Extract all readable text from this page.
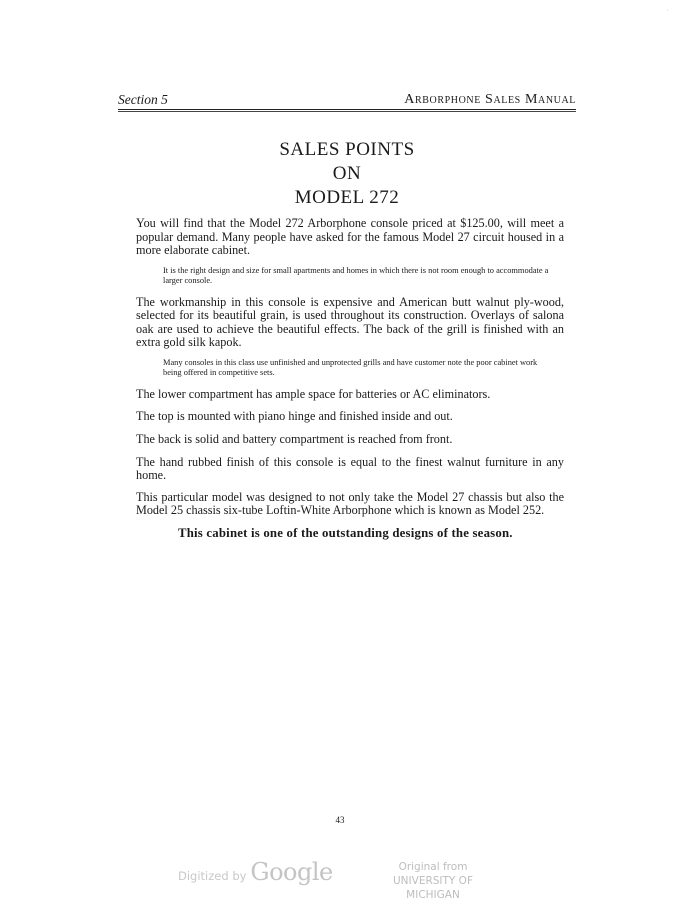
'
Section 5	Arborphone Sales Manual
SALES POINTS
ON
MODEL 272

You will find that the Model 272 Arborphone console priced at $125.00, will meet a popular demand. Many people have asked for the famous Model 27 circuit housed in a more elaborate cabinet.

It is the right design and size for small apartments and homes in which there is not room enough to accommodate a larger console.

The workmanship in this console is expensive and American butt walnut ply-wood, selected for its beautiful grain, is used throughout its construction. Overlays of salona oak are used to achieve the beautiful effects. The back of the grill is finished with an extra gold silk kapok.

Many consoles in this class use unfinished and unprotected grills and have customer note the poor cabinet work being offered in competitive sets.

The lower compartment has ample space for batteries or AC eliminators.

The top is mounted with piano hinge and finished inside and out.

The back is solid and battery compartment is reached from front.

The hand rubbed finish of this console is equal to the finest walnut furniture in any home.

This particular model was designed to not only take the Model 27 chassis but also the Model 25 chassis six-tube Loftin-White Arborphone which is known as Model 252.

This cabinet is one of the outstanding designs of the season.

43
Digitized by Google	Original from
UNIVERSITY OF MICHIGAN
